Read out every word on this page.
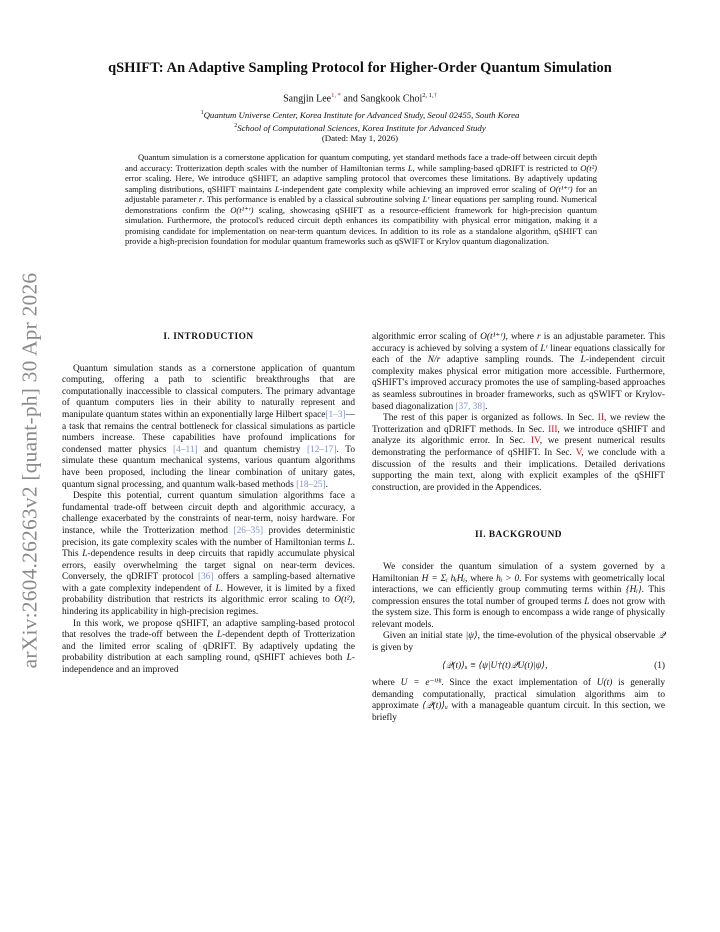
arXiv:2604.26263v2 [quant-ph] 30 Apr 2026
qSHIFT: An Adaptive Sampling Protocol for Higher-Order Quantum Simulation
Sangjin Lee$^{1, *}$ and Sangkook Choi$^{2, 1,\dagger}$
$^1$Quantum Universe Center, Korea Institute for Advanced Study, Seoul 02455, South Korea
$^2$School of Computational Sciences, Korea Institute for Advanced Study
(Dated: May 1, 2026)
Quantum simulation is a cornerstone application for quantum computing, yet standard methods face a trade-off between circuit depth and accuracy: Trotterization depth scales with the number of Hamiltonian terms L, while sampling-based qDRIFT is restricted to O(t²) error scaling. Here, We introduce qSHIFT, an adaptive sampling protocol that overcomes these limitations. By adaptively updating sampling distributions, qSHIFT maintains L-independent gate complexity while achieving an improved error scaling of O(t¹⁺ʳ) for an adjustable parameter r. This performance is enabled by a classical subroutine solving Lʳ linear equations per sampling round. Numerical demonstrations confirm the O(t¹⁺ʳ) scaling, showcasing qSHIFT as a resource-efficient framework for high-precision quantum simulation. Furthermore, the protocol's reduced circuit depth enhances its compatibility with physical error mitigation, making it a promising candidate for implementation on near-term quantum devices. In addition to its role as a standalone algorithm, qSHIFT can provide a high-precision foundation for modular quantum frameworks such as qSWIFT or Krylov quantum diagonalization.
I. INTRODUCTION

Quantum simulation stands as a cornerstone application of quantum computing, offering a path to scientific breakthroughs that are computationally inaccessible to classical computers. The primary advantage of quantum computers lies in their ability to naturally represent and manipulate quantum states within an exponentially large Hilbert space[1–3]—a task that remains the central bottleneck for classical simulations as particle numbers increase. These capabilities have profound implications for condensed matter physics [4–11] and quantum chemistry [12–17]. To simulate these quantum mechanical systems, various quantum algorithms have been proposed, including the linear combination of unitary gates, quantum signal processing, and quantum walk-based methods [18–25].

Despite this potential, current quantum simulation algorithms face a fundamental trade-off between circuit depth and algorithmic accuracy, a challenge exacerbated by the constraints of near-term, noisy hardware. For instance, while the Trotterization method [26–35] provides deterministic precision, its gate complexity scales with the number of Hamiltonian terms L. This L-dependence results in deep circuits that rapidly accumulate physical errors, easily overwhelming the target signal on near-term devices. Conversely, the qDRIFT protocol [36] offers a sampling-based alternative with a gate complexity independent of L. However, it is limited by a fixed probability distribution that restricts its algorithmic error scaling to O(t²), hindering its applicability in high-precision regimes.

In this work, we propose qSHIFT, an adaptive sampling-based protocol that resolves the trade-off between the L-dependent depth of Trotterization and the limited error scaling of qDRIFT. By adaptively updating the probability distribution at each sampling round, qSHIFT achieves both L-independence and an improved

algorithmic error scaling of O(t¹⁺ʳ), where r is an adjustable parameter. This accuracy is achieved by solving a system of Lʳ linear equations classically for each of the N/r adaptive sampling rounds. The L-independent circuit complexity makes physical error mitigation more accessible. Furthermore, qSHIFT's improved accuracy promotes the use of sampling-based approaches as seamless subroutines in broader frameworks, such as qSWIFT or Krylov-based diagonalization [37, 38].

The rest of this paper is organized as follows. In Sec. II, we review the Trotterization and qDRIFT methods. In Sec. III, we introduce qSHIFT and analyze its algorithmic error. In Sec. IV, we present numerical results demonstrating the performance of qSHIFT. In Sec. V, we conclude with a discussion of the results and their implications. Detailed derivations supporting the main text, along with explicit examples of the qSHIFT construction, are provided in the Appendices.

II. BACKGROUND

We consider the quantum simulation of a system governed by a Hamiltonian H = Σᵢ hᵢHᵢ, where hᵢ > 0. For systems with geometrically local interactions, we can efficiently group commuting terms within {Hᵢ}. This compression ensures the total number of grouped terms L does not grow with the system size. This form is enough to encompass a wide range of physically relevant models.

Given an initial state |ψ⟩, the time-evolution of the physical observable 𝒬 is given by

⟨𝒬(t)⟩ᵤ ≡ ⟨ψ|U†(t)𝒬U(t)|ψ⟩,	(1)

where U = e⁻ⁱᴴᵗ. Since the exact implementation of U(t) is generally demanding computationally, practical simulation algorithms aim to approximate ⟨𝒬(t)⟩ᵤ with a manageable quantum circuit. In this section, we briefly
